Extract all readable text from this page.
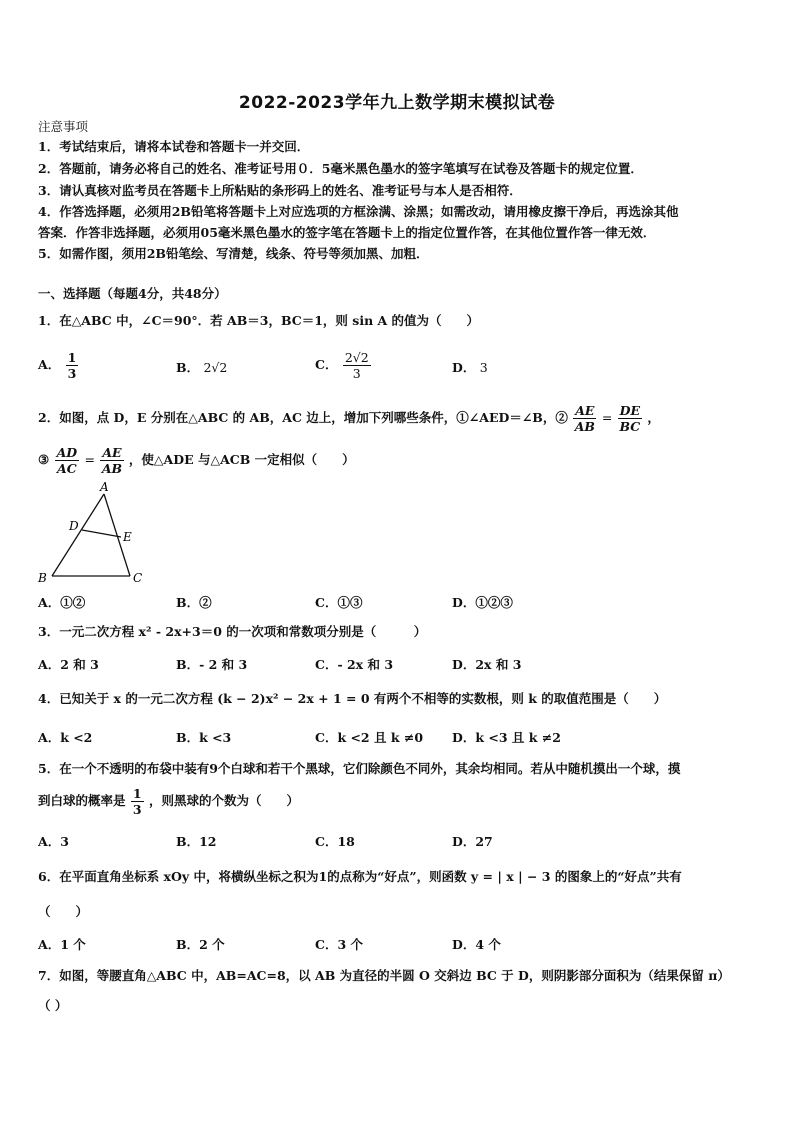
2022-2023学年九上数学期末模拟试卷
注意事项
1．考试结束后，请将本试卷和答题卡一并交回．
2．答题前，请务必将自己的姓名、准考证号用０．5毫米黑色墨水的签字笔填写在试卷及答题卡的规定位置．
3．请认真核对监考员在答题卡上所粘贴的条形码上的姓名、准考证号与本人是否相符．
4．作答选择题，必须用2B铅笔将答题卡上对应选项的方框涂满、涂黑；如需改动，请用橡皮擦干净后，再选涂其他
答案．作答非选择题，必须用05毫米黑色墨水的签字笔在答题卡上的指定位置作答，在其他位置作答一律无效．
5．如需作图，须用2B铅笔绘、写清楚，线条、符号等须加黑、加粗．
一、选择题（每题4分，共48分）
1．在△ABC 中，∠C＝90°．若 AB＝3，BC＝1，则 sin A 的值为（　　）
A． $\frac{1}{3}$	B． 2√2	C． $\frac{2√2}{3}$	D． 3
2．如图，点 D，E 分别在△ABC 的 AB，AC 边上，增加下列哪些条件，①∠AED＝∠B，② $\frac{AE}{AB} = \frac{DE}{BC}$ ，
③ $\frac{AD}{AC} = \frac{AE}{AB}$ ，使△ADE 与△ACB 一定相似（　　）
A
B	C
D
E
A．①②	B．②	C．①③	D．①②③
3．一元二次方程 x² - 2x+3＝0 的一次项和常数项分别是（　　　）
A．2 和 3	B．- 2 和 3	C．- 2x 和 3	D．2x 和 3
4．已知关于 x 的一元二次方程 (k − 2)x² − 2x + 1 = 0 有两个不相等的实数根，则 k 的取值范围是（　　）
A．k <2	B．k <3	C．k <2 且 k ≠0 D．k <3 且 k ≠2
5．在一个不透明的布袋中装有9个白球和若干个黑球，它们除颜色不同外，其余均相同。若从中随机摸出一个球，摸
到白球的概率是 $\frac{1}{3}$ ，则黑球的个数为（　　）
A．3	B．12	C．18	D．27
6．在平面直角坐标系 xOy 中，将横纵坐标之积为1的点称为“好点”，则函数 y = | x | − 3 的图象上的“好点”共有
（　　）
A．1 个	B．2 个	C．3 个	D．4 个
7．如图，等腰直角△ABC 中，AB=AC=8，以 AB 为直径的半圆 O 交斜边 BC 于 D，则阴影部分面积为（结果保留 π）
（ ）
